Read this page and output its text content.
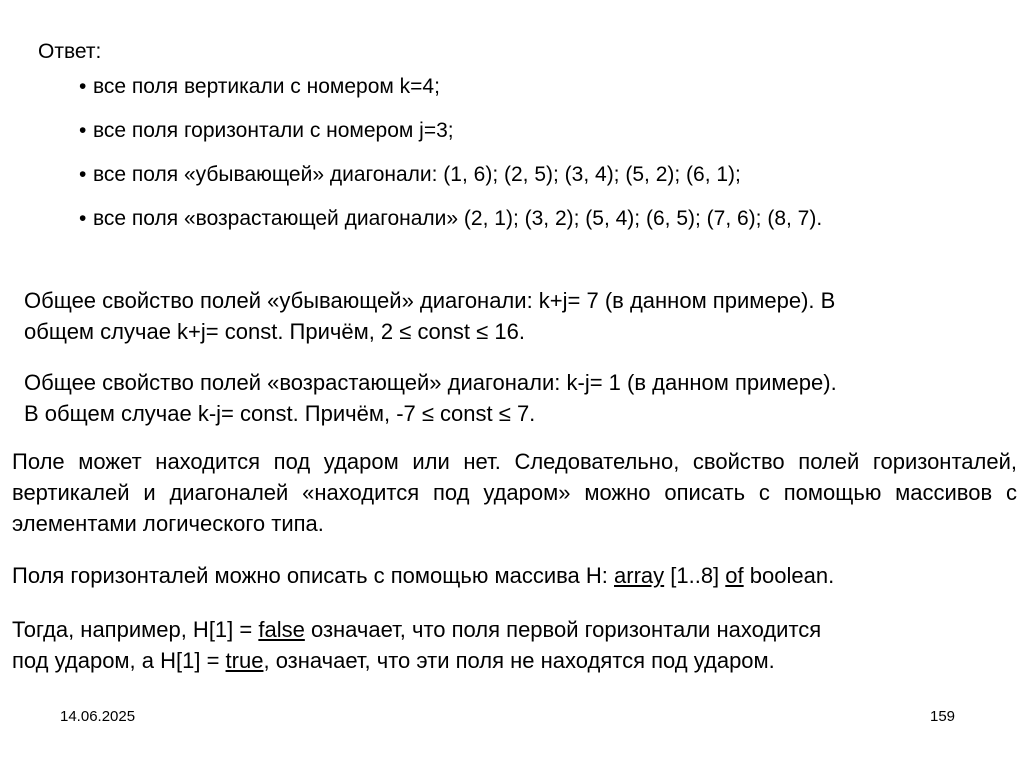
Ответ:
• все поля вертикали с номером k=4;
• все поля горизонтали с номером j=3;
• все поля «убывающей» диагонали: (1, 6); (2, 5); (3, 4); (5, 2); (6, 1);
• все поля «возрастающей диагонали» (2, 1); (3, 2); (5, 4); (6, 5); (7, 6); (8, 7).
Общее свойство полей «убывающей» диагонали: k+j= 7 (в данном примере). В
общем случае k+j= const. Причём, 2 ≤ const ≤ 16.
Общее свойство полей «возрастающей» диагонали: k-j= 1 (в данном примере).
В общем случае k-j= const. Причём, -7 ≤ const ≤ 7.
Поле может находится под ударом или нет. Следовательно, свойство полей горизонталей, вертикалей и диагоналей «находится под ударом» можно описать с помощью массивов с элементами логического типа.
Поля горизонталей можно описать с помощью массива H: array [1..8] of boolean.
Тогда, например, H[1] = false означает, что поля первой горизонтали находится
под ударом, а H[1] = true, означает, что эти поля не находятся под ударом.
14.06.2025	159
